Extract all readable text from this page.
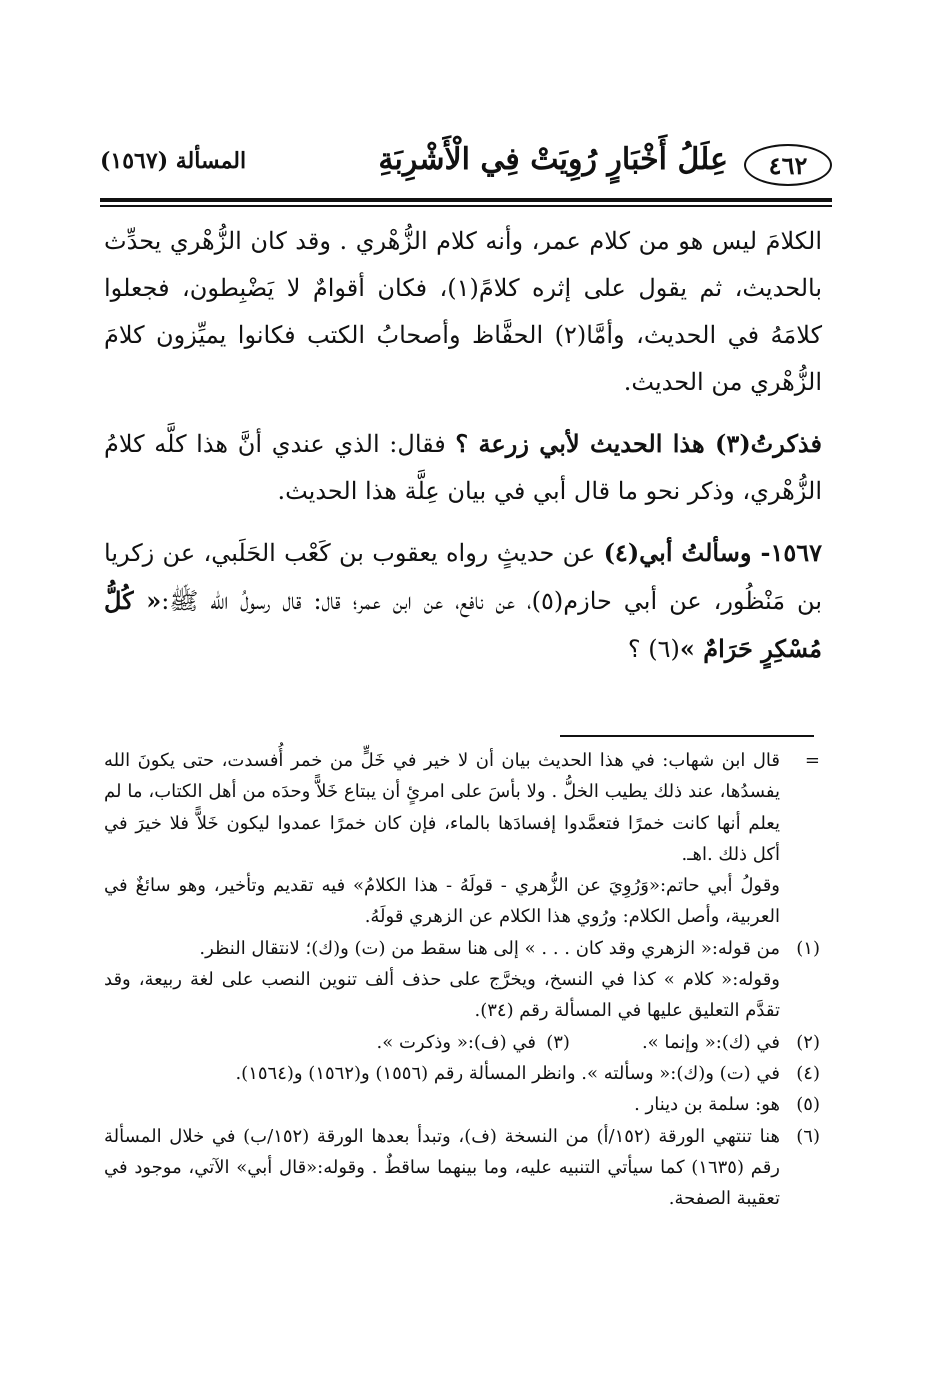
٤٦٢
عِلَلُ أَخْبَارٍ رُوِيَتْ فِي الْأَشْرِبَةِ
المسألة (١٥٦٧)

الكلامَ ليس هو من كلام عمر، وأنه كلام الزُّهْري . وقد كان الزُّهْري يحدِّث بالحديث، ثم يقول على إثره كلامً(١)، فكان أقوامٌ لا يَضْبِطون، فجعلوا كلامَهُ في الحديث، وأمَّا(٢) الحفَّاظ وأصحابُ الكتب فكانوا يميِّزون كلامَ الزُّهْري من الحديث.

فذكرتُ(٣) هذا الحديث لأبي زرعة ؟ فقال: الذي عندي أنَّ هذا كلَّه كلامُ الزُّهْري، وذكر نحو ما قال أبي في بيان عِلَّة هذا الحديث.

١٥٦٧- وسألتُ أبي(٤) عن حديثٍ رواه يعقوب بن كَعْب الحَلَبي، عن زكريا بن مَنْظُور، عن أبي حازم(٥)، عن نافع، عن ابن عمر؛ قال: قال رسولُ الله ﷺ:« كُلُّ مُسْكِرٍ حَرَامٌ »(٦) ؟

=

قال ابن شهاب: في هذا الحديث بيان أن لا خير في خَلٍّ من خمر أُفسدت، حتى يكونَ الله يفسدُها، عند ذلك يطيب الخلُّ . ولا بأسَ على امرئٍ أن يبتاع خَلاًّ وحدَه من أهل الكتاب، ما لم يعلم أنها كانت خمرًا فتعمَّدوا إفسادَها بالماء، فإن كان خمرًا عمدوا ليكون خَلاًّ فلا خيرَ في أكل ذلك .اهـ.

وقولُ أبي حاتم:«وَرُوِيَ عن الزُّهري - قولَهُ - هذا الكلامُ» فيه تقديم وتأخير، وهو سائغٌ في العربية، وأصل الكلام: ورُوي هذا الكلام عن الزهري قولَهُ.

(١)

من قوله:« الزهري وقد كان . . . » إلى هنا سقط من (ت) و(ك)؛ لانتقال النظر.

وقوله:« كلام » كذا في النسخ، ويخرَّج على حذف ألف تنوين النصب على لغة ربيعة، وقد تقدَّم التعليق عليها في المسألة رقم (٣٤).

(٢)
في (ك):« وإنما ».
(٣)
في (ف):« وذكرت ».
(٤)

في (ت) و(ك):« وسألته ». وانظر المسألة رقم (١٥٥٦) و(١٥٦٢) و(١٥٦٤).

(٥)

هو: سلمة بن دينار .

(٦)

هنا تنتهي الورقة (١٥٢/أ) من النسخة (ف)، وتبدأ بعدها الورقة (١٥٢/ب) في خلال المسألة رقم (١٦٣٥) كما سيأتي التنبيه عليه، وما بينهما ساقطٌ . وقوله:«قال أبي» الآتي، موجود في تعقيبة الصفحة.
